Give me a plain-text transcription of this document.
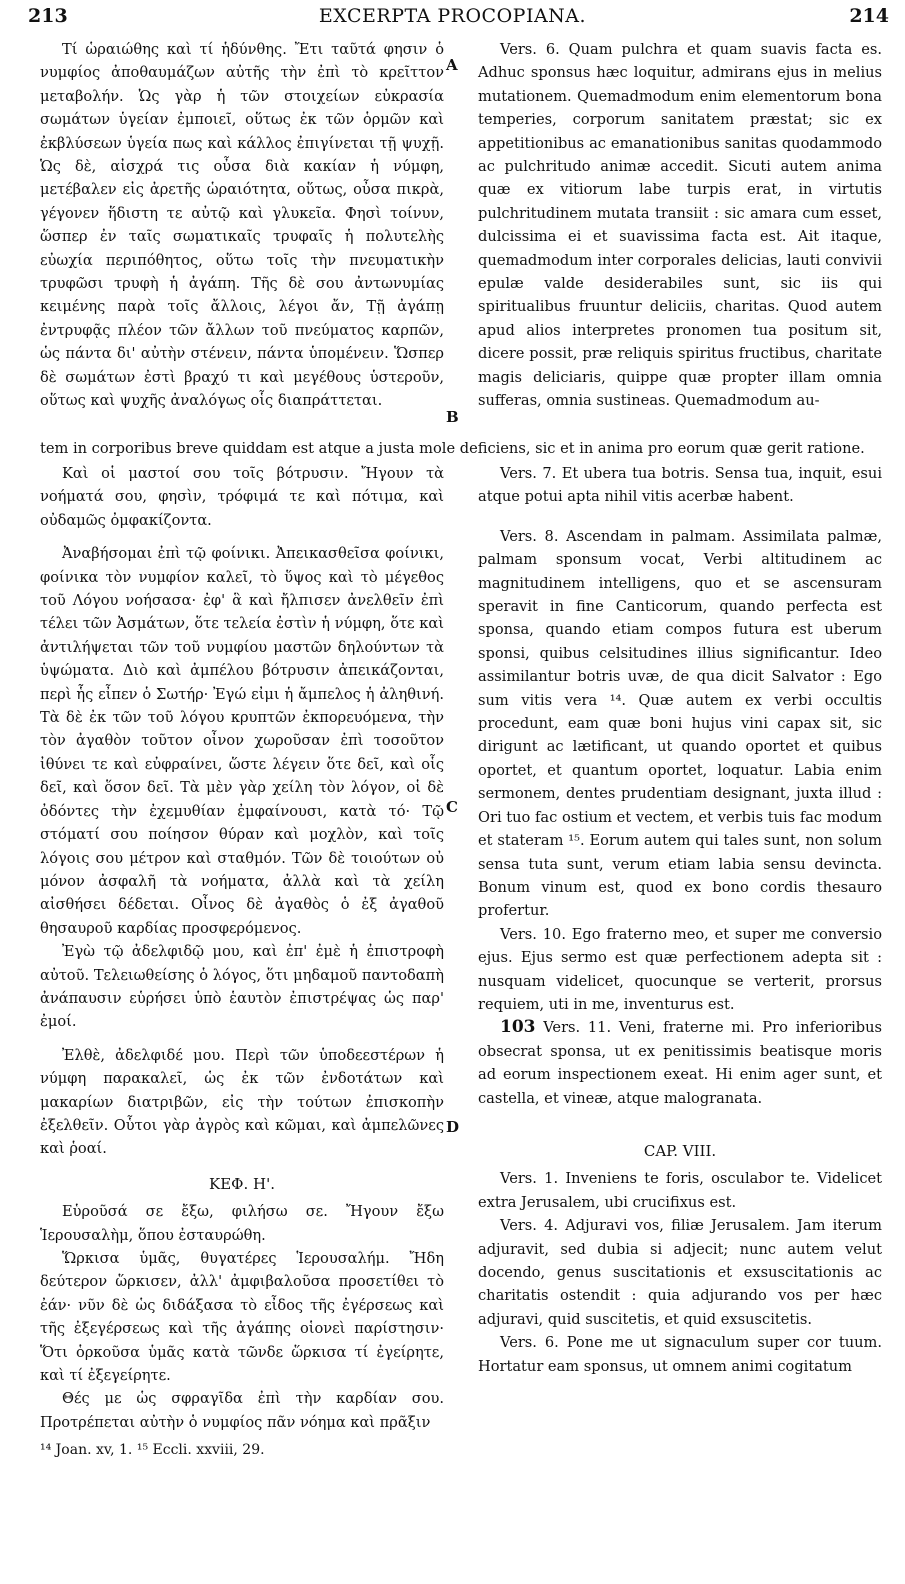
213	EXCERPTA PROCOPIANA.	214
A
B
C
D

Τί ὡραιώθης καὶ τί ἡδύνθης. Ἔτι ταῦτά φησιν ὁ νυμφίος ἀποθαυμάζων αὐτῆς τὴν ἐπὶ τὸ κρεῖττον μεταβολήν. Ὡς γὰρ ἡ τῶν στοιχείων εὐκρασία σωμάτων ὑγείαν ἐμποιεῖ, οὕτως ἐκ τῶν ὁρμῶν καὶ ἐκβλύσεων ὑγεία πως καὶ κάλλος ἐπιγίνεται τῇ ψυχῇ. Ὡς δὲ, αἰσχρά τις οὖσα διὰ κακίαν ἡ νύμφη, μετέβαλεν εἰς ἀρετῆς ὡραιότητα, οὕτως, οὖσα πικρὰ, γέγονεν ἥδιστη τε αὐτῷ καὶ γλυκεῖα. Φησὶ τοίνυν, ὥσπερ ἐν ταῖς σωματικαῖς τρυφαῖς ἡ πολυτελὴς εὐωχία περιπόθητος, οὕτω τοῖς τὴν πνευματικὴν τρυφῶσι τρυφὴ ἡ ἀγάπη. Τῆς δὲ σου ἀντωνυμίας κειμένης παρὰ τοῖς ἄλλοις, λέγοι ἄν, Τῇ ἀγάπῃ ἐντρυφᾷς πλέον τῶν ἄλλων τοῦ πνεύματος καρπῶν, ὡς πάντα δι' αὐτὴν στένειν, πάντα ὑπομένειν. Ὥσπερ δὲ σωμάτων ἐστὶ βραχύ τι καὶ μεγέθους ὑστεροῦν, οὕτως καὶ ψυχῆς ἀναλόγως οἷς διαπράττεται.

Vers. 6. Quam pulchra et quam suavis facta es. Adhuc sponsus hæc loquitur, admirans ejus in melius mutationem. Quemadmodum enim elementorum bona temperies, corporum sanitatem præstat; sic ex appetitionibus ac emanationibus sanitas quodammodo ac pulchritudo animæ accedit. Sicuti autem anima quæ ex vitiorum labe turpis erat, in virtutis pulchritudinem mutata transiit : sic amara cum esset, dulcissima ei et suavissima facta est. Ait itaque, quemadmodum inter corporales delicias, lauti convivii epulæ valde desiderabiles sunt, sic iis qui spiritualibus fruuntur deliciis, charitas. Quod autem apud alios interpretes pronomen tua positum sit, dicere possit, præ reliquis spiritus fructibus, charitate magis deliciaris, quippe quæ propter illam omnia sufferas, omnia sustineas. Quemadmodum au-

tem in corporibus breve quiddam est atque a justa mole deficiens, sic et in anima pro eorum quæ gerit ratione.

Καὶ οἱ μαστοί σου τοῖς βότρυσιν. Ἤγουν τὰ νοήματά σου, φησὶν, τρόφιμά τε καὶ πότιμα, καὶ οὐδαμῶς ὀμφακίζοντα.

Ἀναβήσομαι ἐπὶ τῷ φοίνικι. Ἀπεικασθεῖσα φοίνικι, φοίνικα τὸν νυμφίον καλεῖ, τὸ ὕψος καὶ τὸ μέγεθος τοῦ Λόγου νοήσασα· ἐφ' ἃ καὶ ἤλπισεν ἀνελθεῖν ἐπὶ τέλει τῶν Ἀσμάτων, ὅτε τελεία ἐστὶν ἡ νύμφη, ὅτε καὶ ἀντιλήψεται τῶν τοῦ νυμφίου μαστῶν δηλούντων τὰ ὑψώματα. Διὸ καὶ ἀμπέλου βότρυσιν ἀπεικάζονται, περὶ ἧς εἶπεν ὁ Σωτήρ· Ἐγώ εἰμι ἡ ἄμπελος ἡ ἀληθινή. Τὰ δὲ ἐκ τῶν τοῦ λόγου κρυπτῶν ἐκπορευόμενα, τὴν τὸν ἀγαθὸν τοῦτον οἶνον χωροῦσαν ἐπὶ τοσοῦτον ἰθύνει τε καὶ εὐφραίνει, ὥστε λέγειν ὅτε δεῖ, καὶ οἷς δεῖ, καὶ ὅσον δεῖ. Τὰ μὲν γὰρ χείλη τὸν λόγον, οἱ δὲ ὀδόντες τὴν ἐχεμυθίαν ἐμφαίνουσι, κατὰ τό· Τῷ στόματί σου ποίησον θύραν καὶ μοχλὸν, καὶ τοῖς λόγοις σου μέτρον καὶ σταθμόν. Τῶν δὲ τοιούτων οὐ μόνον ἀσφαλῆ τὰ νοήματα, ἀλλὰ καὶ τὰ χείλη αἰσθήσει δέδεται. Οἶνος δὲ ἀγαθὸς ὁ ἐξ ἀγαθοῦ θησαυροῦ καρδίας προσφερόμενος.

Ἐγὼ τῷ ἀδελφιδῷ μου, καὶ ἐπ' ἐμὲ ἡ ἐπιστροφὴ αὐτοῦ. Τελειωθείσης ὁ λόγος, ὅτι μηδαμοῦ παντοδαπὴ ἀνάπαυσιν εὑρήσει ὑπὸ ἑαυτὸν ἐπιστρέψας ὡς παρ' ἐμοί.

Ἐλθὲ, ἀδελφιδέ μου. Περὶ τῶν ὑποδεεστέρων ἡ νύμφη παρακαλεῖ, ὡς ἐκ τῶν ἐνδοτάτων καὶ μακαρίων διατριβῶν, εἰς τὴν τούτων ἐπισκοπὴν ἐξελθεῖν. Οὗτοι γὰρ ἀγρὸς καὶ κῶμαι, καὶ ἀμπελῶνες καὶ ῥοαί.

ΚΕΦ. Η'.

Εὑροῦσά σε ἔξω, φιλήσω σε. Ἤγουν ἔξω Ἱερουσαλὴμ, ὅπου ἐσταυρώθη.

Ὥρκισα ὑμᾶς, θυγατέρες Ἱερουσαλήμ. Ἤδη δεύτερον ὥρκισεν, ἀλλ' ἀμφιβαλοῦσα προσετίθει τὸ ἐάν· νῦν δὲ ὡς διδάξασα τὸ εἶδος τῆς ἐγέρσεως καὶ τῆς ἐξεγέρσεως καὶ τῆς ἀγάπης οἱονεὶ παρίστησιν· Ὅτι ὁρκοῦσα ὑμᾶς κατὰ τῶνδε ὥρκισα τί ἐγείρητε, καὶ τί ἐξεγείρητε.

Θές με ὡς σφραγῖδα ἐπὶ τὴν καρδίαν σου. Προτρέπεται αὐτὴν ὁ νυμφίος πᾶν νόημα καὶ πρᾶξιν

Vers. 7. Et ubera tua botris. Sensa tua, inquit, esui atque potui apta nihil vitis acerbæ habent.

Vers. 8. Ascendam in palmam. Assimilata palmæ, palmam sponsum vocat, Verbi altitudinem ac magnitudinem intelligens, quo et se ascensuram speravit in fine Canticorum, quando perfecta est sponsa, quando etiam compos futura est uberum sponsi, quibus celsitudines illius significantur. Ideo assimilantur botris uvæ, de qua dicit Salvator : Ego sum vitis vera ¹⁴. Quæ autem ex verbi occultis procedunt, eam quæ boni hujus vini capax sit, sic dirigunt ac lætificant, ut quando oportet et quibus oportet, et quantum oportet, loquatur. Labia enim sermonem, dentes prudentiam designant, juxta illud : Ori tuo fac ostium et vectem, et verbis tuis fac modum et stateram ¹⁵. Eorum autem qui tales sunt, non solum sensa tuta sunt, verum etiam labia sensu devincta. Bonum vinum est, quod ex bono cordis thesauro profertur.

Vers. 10. Ego fraterno meo, et super me conversio ejus. Ejus sermo est quæ perfectionem adepta sit : nusquam videlicet, quocunque se verterit, prorsus requiem, uti in me, inventurus est.

103 Vers. 11. Veni, fraterne mi. Pro inferioribus obsecrat sponsa, ut ex penitissimis beatisque moris ad eorum inspectionem exeat. Hi enim ager sunt, et castella, et vineæ, atque malogranata.

CAP. VIII.

Vers. 1. Inveniens te foris, osculabor te. Videlicet extra Jerusalem, ubi crucifixus est.

Vers. 4. Adjuravi vos, filiæ Jerusalem. Jam iterum adjuravit, sed dubia si adjecit; nunc autem velut docendo, genus suscitationis et exsuscitationis ac charitatis ostendit : quia adjurando vos per hæc adjuravi, quid suscitetis, et quid exsuscitetis.

Vers. 6. Pone me ut signaculum super cor tuum. Hortatur eam sponsus, ut omnem animi cogitatum

¹⁴ Joan. xv, 1. ¹⁵ Eccli. xxviii, 29.
